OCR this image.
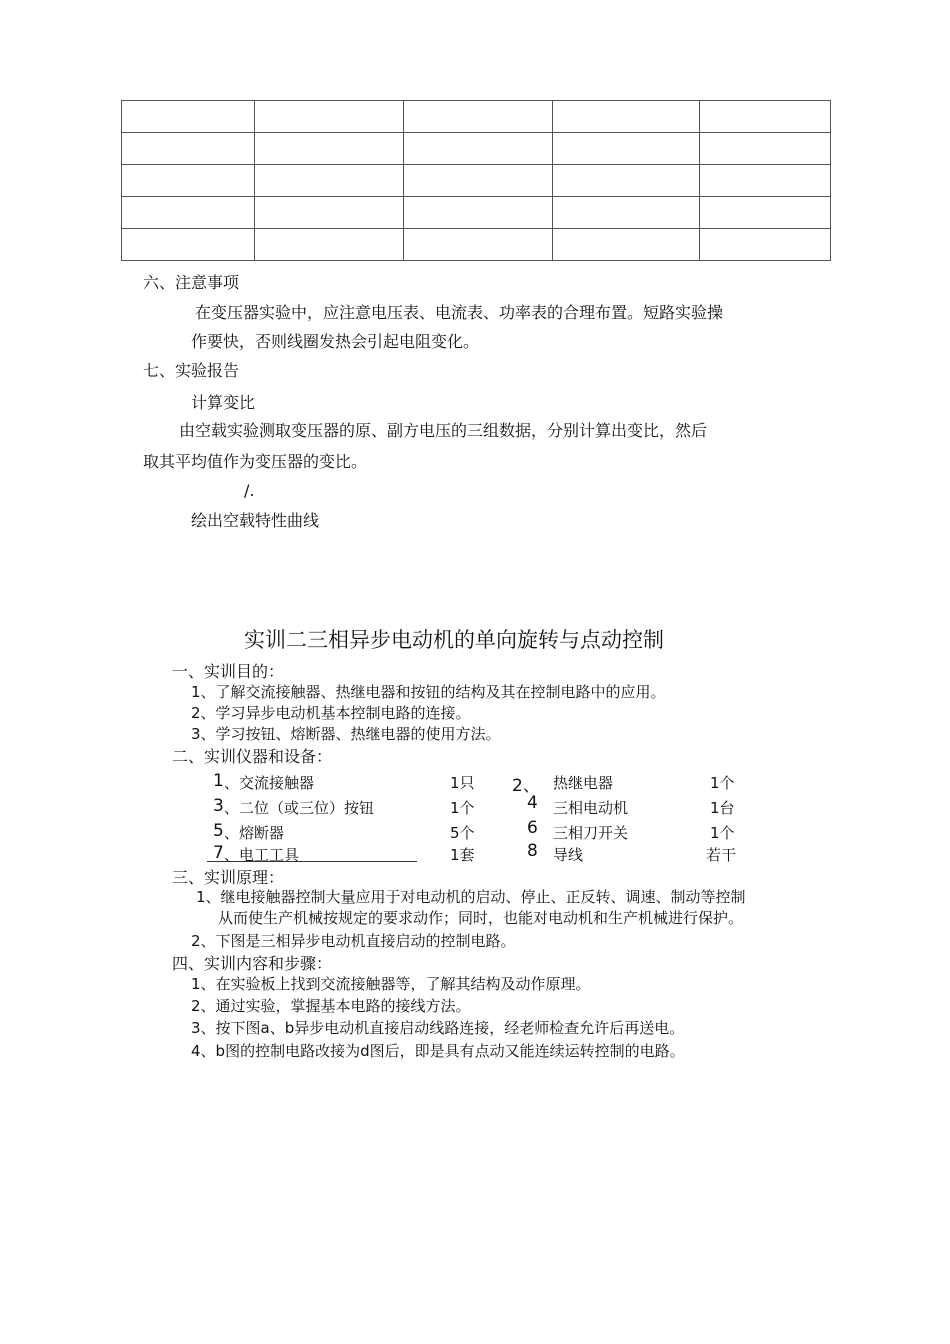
六、注意事项
在变压器实验中，应注意电压表、电流表、功率表的合理布置。短路实验操
作要快，否则线圈发热会引起电阻变化。
七、实验报告
计算变比
由空载实验测取变压器的原、副方电压的三组数据，分别计算出变比，然后
取其平均值作为变压器的变比。
/.
绘出空载特性曲线
实训二三相异步电动机的单向旋转与点动控制
一、实训目的：
1、了解交流接触器、热继电器和按钮的结构及其在控制电路中的应用。
2、学习异步电动机基本控制电路的连接。
3、学习按钮、熔断器、热继电器的使用方法。
二、实训仪器和设备：
1 、交流接触器	1只 2、 热继电器	1个
3 、二位（或三位）按钮	1个	4 三相电动机	1台
5 、熔断器	5个	6 三相刀开关	1个
7 、电工工具	1套	8 导线	若干
三、实训原理：
1、继电接触器控制大量应用于对电动机的启动、停止、正反转、调速、制动等控制
从而使生产机械按规定的要求动作；同时，也能对电动机和生产机械进行保护。
2、下图是三相异步电动机直接启动的控制电路。
四、实训内容和步骤：
1、在实验板上找到交流接触器等，了解其结构及动作原理。
2、通过实验，掌握基本电路的接线方法。
3、按下图a、b异步电动机直接启动线路连接，经老师检查允许后再送电。
4、b图的控制电路改接为d图后，即是具有点动又能连续运转控制的电路。
